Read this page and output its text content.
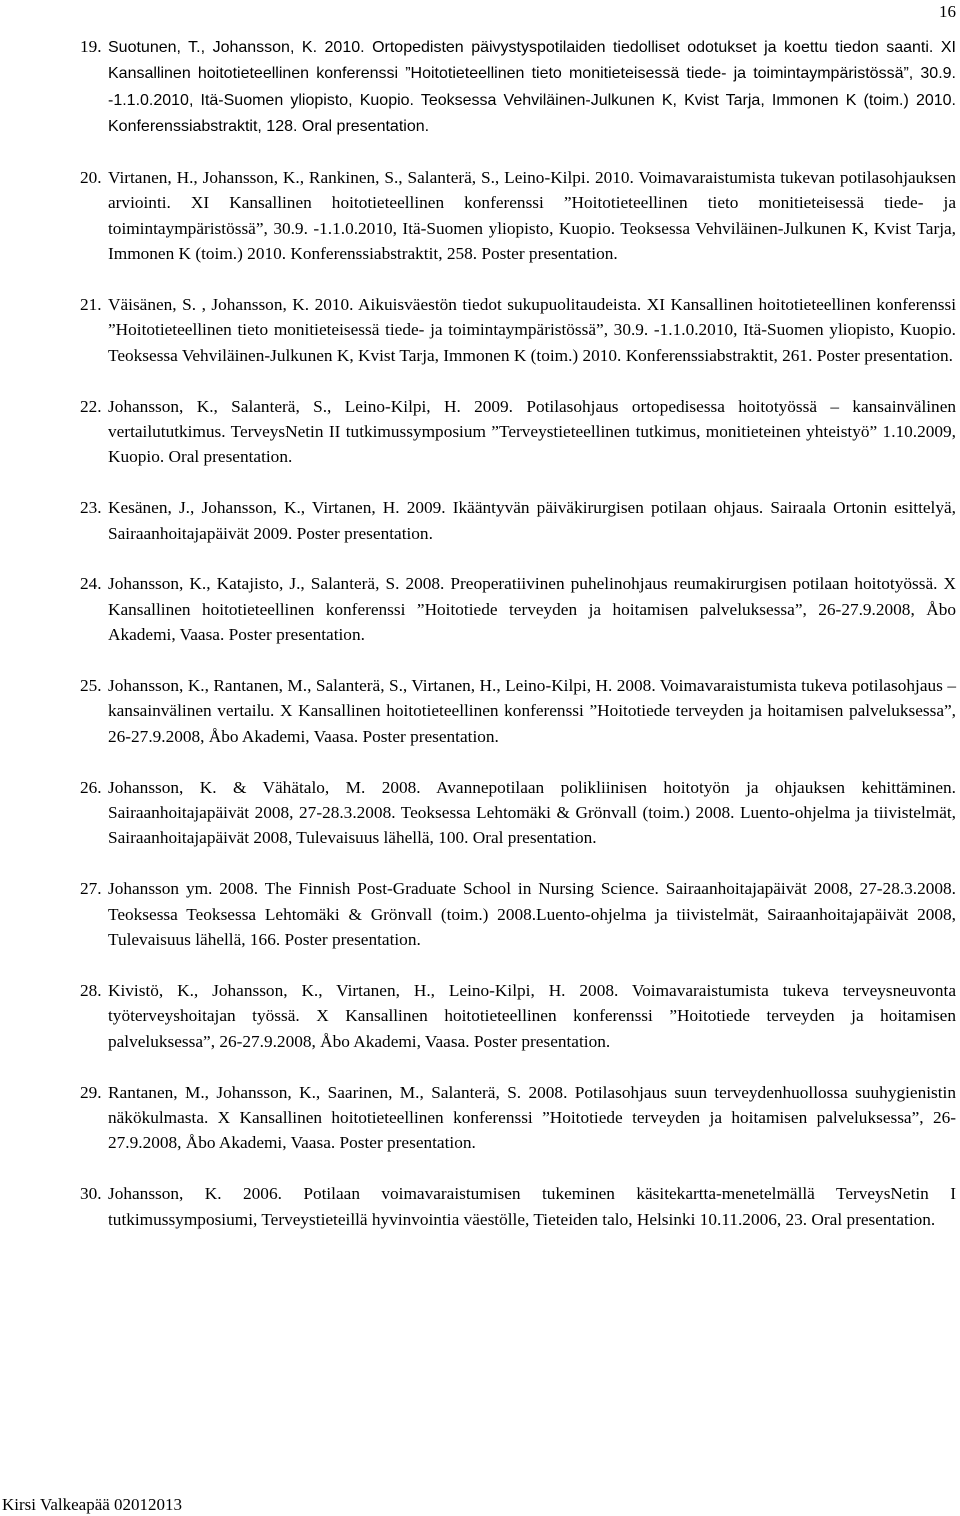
16
19. Suotunen, T., Johansson, K. 2010. Ortopedisten päivystyspotilaiden tiedolliset odotukset ja koettu tiedon saanti. XI Kansallinen hoitotieteellinen konferenssi ”Hoitotieteellinen tieto monitieteisessä tiede- ja toimintaympäristössä”, 30.9. -1.1.0.2010, Itä-Suomen yliopisto, Kuopio. Teoksessa Vehviläinen-Julkunen K, Kvist Tarja, Immonen K (toim.) 2010. Konferenssiabstraktit, 128. Oral presentation.
20. Virtanen, H., Johansson, K., Rankinen, S., Salanterä, S., Leino-Kilpi. 2010. Voimavaraistumista tukevan potilasohjauksen arviointi. XI Kansallinen hoitotieteellinen konferenssi ”Hoitotieteellinen tieto monitieteisessä tiede- ja toimintaympäristössä”, 30.9. -1.1.0.2010, Itä-Suomen yliopisto, Kuopio. Teoksessa Vehviläinen-Julkunen K, Kvist Tarja, Immonen K (toim.) 2010. Konferenssiabstraktit, 258. Poster presentation.
21. Väisänen, S. , Johansson, K. 2010. Aikuisväestön tiedot sukupuolitaudeista. XI Kansallinen hoitotieteellinen konferenssi ”Hoitotieteellinen tieto monitieteisessä tiede- ja toimintaympäristössä”, 30.9. -1.1.0.2010, Itä-Suomen yliopisto, Kuopio. Teoksessa Vehviläinen-Julkunen K, Kvist Tarja, Immonen K (toim.) 2010. Konferenssiabstraktit, 261. Poster presentation.
22. Johansson, K., Salanterä, S., Leino-Kilpi, H. 2009. Potilasohjaus ortopedisessa hoitotyössä – kansainvälinen vertailututkimus. TerveysNetin II tutkimussymposium ”Terveystieteellinen tutkimus, monitieteinen yhteistyö” 1.10.2009, Kuopio. Oral presentation.
23. Kesänen, J., Johansson, K., Virtanen, H. 2009. Ikääntyvän päiväkirurgisen potilaan ohjaus. Sairaala Ortonin esittelyä, Sairaanhoitajapäivät 2009. Poster presentation.
24. Johansson, K., Katajisto, J., Salanterä, S. 2008. Preoperatiivinen puhelinohjaus reumakirurgisen potilaan hoitotyössä. X Kansallinen hoitotieteellinen konferenssi ”Hoitotiede terveyden ja hoitamisen palveluksessa”, 26-27.9.2008, Åbo Akademi, Vaasa. Poster presentation.
25. Johansson, K., Rantanen, M., Salanterä, S., Virtanen, H., Leino-Kilpi, H. 2008. Voimavaraistumista tukeva potilasohjaus – kansainvälinen vertailu. X Kansallinen hoitotieteellinen konferenssi ”Hoitotiede terveyden ja hoitamisen palveluksessa”, 26-27.9.2008, Åbo Akademi, Vaasa. Poster presentation.
26. Johansson, K. & Vähätalo, M. 2008. Avannepotilaan polikliinisen hoitotyön ja ohjauksen kehittäminen. Sairaanhoitajapäivät 2008, 27-28.3.2008. Teoksessa Lehtomäki & Grönvall (toim.) 2008. Luento-ohjelma ja tiivistelmät, Sairaanhoitajapäivät 2008, Tulevaisuus lähellä, 100. Oral presentation.
27. Johansson ym. 2008. The Finnish Post-Graduate School in Nursing Science. Sairaanhoitajapäivät 2008, 27-28.3.2008. Teoksessa Teoksessa Lehtomäki & Grönvall (toim.) 2008.Luento-ohjelma ja tiivistelmät, Sairaanhoitajapäivät 2008, Tulevaisuus lähellä, 166. Poster presentation.
28. Kivistö, K., Johansson, K., Virtanen, H., Leino-Kilpi, H. 2008. Voimavaraistumista tukeva terveysneuvonta työterveyshoitajan työssä. X Kansallinen hoitotieteellinen konferenssi ”Hoitotiede terveyden ja hoitamisen palveluksessa”, 26-27.9.2008, Åbo Akademi, Vaasa. Poster presentation.
29. Rantanen, M., Johansson, K., Saarinen, M., Salanterä, S. 2008. Potilasohjaus suun terveydenhuollossa suuhygienistin näkökulmasta. X Kansallinen hoitotieteellinen konferenssi ”Hoitotiede terveyden ja hoitamisen palveluksessa”, 26-27.9.2008, Åbo Akademi, Vaasa. Poster presentation.
30. Johansson, K. 2006. Potilaan voimavaraistumisen tukeminen käsitekartta-menetelmällä TerveysNetin I tutkimussymposiumi, Terveystieteillä hyvinvointia väestölle, Tieteiden talo, Helsinki 10.11.2006, 23. Oral presentation.
Kirsi Valkeapää 02012013
